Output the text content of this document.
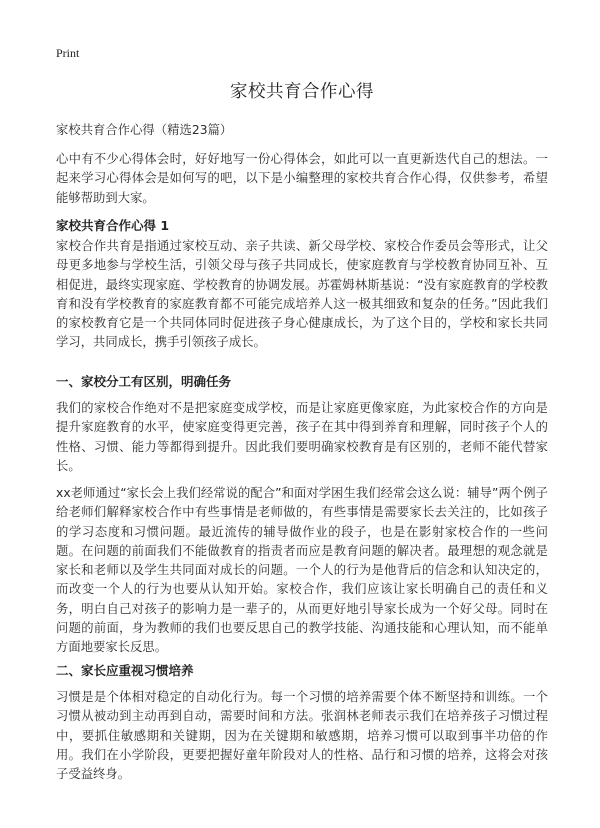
Print
家校共育合作心得

家校共育合作心得（精选23篇）

心中有不少心得体会时，好好地写一份心得体会，如此可以一直更新迭代自己的想法。一起来学习心得体会是如何写的吧，以下是小编整理的家校共育合作心得，仅供参考，希望能够帮助到大家。

家校共育合作心得 1

家校合作共育是指通过家校互动、亲子共读、新父母学校、家校合作委员会等形式，让父母更多地参与学校生活，引领父母与孩子共同成长，使家庭教育与学校教育协同互补、互相促进，最终实现家庭、学校教育的协调发展。苏霍姆林斯基说：“没有家庭教育的学校教育和没有学校教育的家庭教育都不可能完成培养人这一极其细致和复杂的任务。”因此我们的家校教育它是一个共同体同时促进孩子身心健康成长，为了这个目的，学校和家长共同学习，共同成长，携手引领孩子成长。

一、家校分工有区别，明确任务

我们的家校合作绝对不是把家庭变成学校，而是让家庭更像家庭，为此家校合作的方向是提升家庭教育的水平，使家庭变得更完善，孩子在其中得到养育和理解，同时孩子个人的性格、习惯、能力等都得到提升。因此我们要明确家校教育是有区别的，老师不能代替家长。

xx老师通过“家长会上我们经常说的配合”和面对学困生我们经常会这么说：辅导”两个例子给老师们解释家校合作中有些事情是老师做的，有些事情是需要家长去关注的，比如孩子的学习态度和习惯问题。最近流传的辅导做作业的段子，也是在影射家校合作的一些问题。在问题的前面我们不能做教育的指责者而应是教育问题的解决者。最理想的观念就是家长和老师以及学生共同面对成长的问题。一个人的行为是他背后的信念和认知决定的，而改变一个人的行为也要从认知开始。家校合作，我们应该让家长明确自己的责任和义务，明白自己对孩子的影响力是一辈子的，从而更好地引导家长成为一个好父母。同时在问题的前面，身为教师的我们也要反思自己的教学技能、沟通技能和心理认知，而不能单方面地要家长反思。

二、家长应重视习惯培养

习惯是是个体相对稳定的自动化行为。每一个习惯的培养需要个体不断坚持和训练。一个习惯从被动到主动再到自动，需要时间和方法。张润林老师表示我们在培养孩子习惯过程中，要抓住敏感期和关键期，因为在关键期和敏感期，培养习惯可以取到事半功倍的作用。我们在小学阶段，更要把握好童年阶段对人的性格、品行和习惯的培养，这将会对孩子受益终身。
